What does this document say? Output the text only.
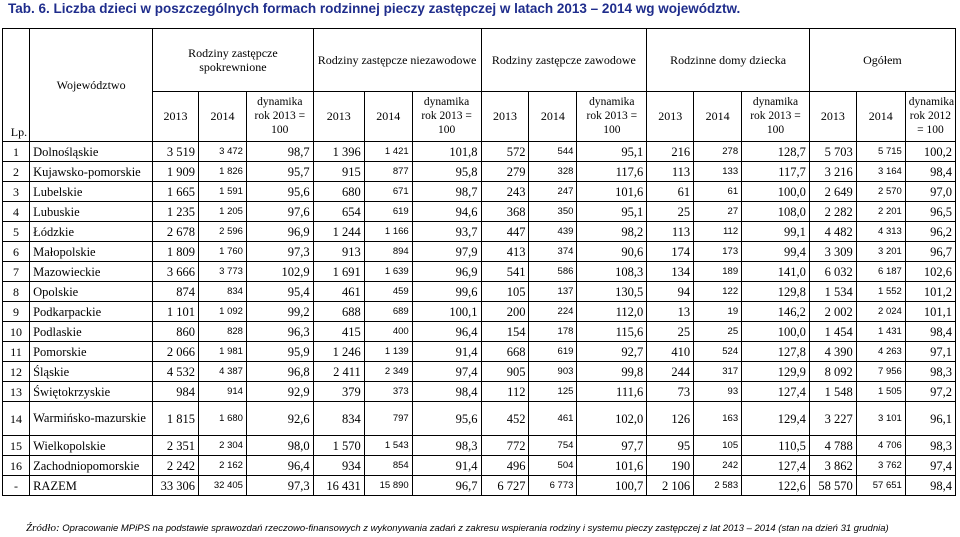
Tab. 6. Liczba dzieci w poszczególnych formach rodzinnej pieczy zastępczej w latach 2013 – 2014 wg województw.
Lp.	Województwo	Rodziny zastępcze spokrewnione			Rodziny zastępcze niezawodowe			Rodziny zastępcze zawodowe			Rodzinne domy dziecka			Ogółem		
		2013	2014	dynamika rok 2013 = 100	2013	2014	dynamika rok 2013 = 100	2013	2014	dynamika rok 2013 = 100	2013	2014	dynamika rok 2013 = 100	2013	2014	dynamika rok 2012 = 100
1	Dolnośląskie	3 519	3 472	98,7	1 396	1 421	101,8	572	544	95,1	216	278	128,7	5 703	5 715	100,2
2	Kujawsko-pomorskie	1 909	1 826	95,7	915	877	95,8	279	328	117,6	113	133	117,7	3 216	3 164	98,4
3	Lubelskie	1 665	1 591	95,6	680	671	98,7	243	247	101,6	61	61	100,0	2 649	2 570	97,0
4	Lubuskie	1 235	1 205	97,6	654	619	94,6	368	350	95,1	25	27	108,0	2 282	2 201	96,5
5	Łódzkie	2 678	2 596	96,9	1 244	1 166	93,7	447	439	98,2	113	112	99,1	4 482	4 313	96,2
6	Małopolskie	1 809	1 760	97,3	913	894	97,9	413	374	90,6	174	173	99,4	3 309	3 201	96,7
7	Mazowieckie	3 666	3 773	102,9	1 691	1 639	96,9	541	586	108,3	134	189	141,0	6 032	6 187	102,6
8	Opolskie	874	834	95,4	461	459	99,6	105	137	130,5	94	122	129,8	1 534	1 552	101,2
9	Podkarpackie	1 101	1 092	99,2	688	689	100,1	200	224	112,0	13	19	146,2	2 002	2 024	101,1
10	Podlaskie	860	828	96,3	415	400	96,4	154	178	115,6	25	25	100,0	1 454	1 431	98,4
11	Pomorskie	2 066	1 981	95,9	1 246	1 139	91,4	668	619	92,7	410	524	127,8	4 390	4 263	97,1
12	Śląskie	4 532	4 387	96,8	2 411	2 349	97,4	905	903	99,8	244	317	129,9	8 092	7 956	98,3
13	Świętokrzyskie	984	914	92,9	379	373	98,4	112	125	111,6	73	93	127,4	1 548	1 505	97,2
14	Warmińsko-mazurskie	1 815	1 680	92,6	834	797	95,6	452	461	102,0	126	163	129,4	3 227	3 101	96,1
15	Wielkopolskie	2 351	2 304	98,0	1 570	1 543	98,3	772	754	97,7	95	105	110,5	4 788	4 706	98,3
16	Zachodniopomorskie	2 242	2 162	96,4	934	854	91,4	496	504	101,6	190	242	127,4	3 862	3 762	97,4
-	RAZEM	33 306	32 405	97,3	16 431	15 890	96,7	6 727	6 773	100,7	2 106	2 583	122,6	58 570	57 651	98,4
Źródło: Opracowanie MPiPS na podstawie sprawozdań rzeczowo-finansowych z wykonywania zadań z zakresu wspierania rodziny i systemu pieczy zastępczej z lat 2013 – 2014 (stan na dzień 31 grudnia)
